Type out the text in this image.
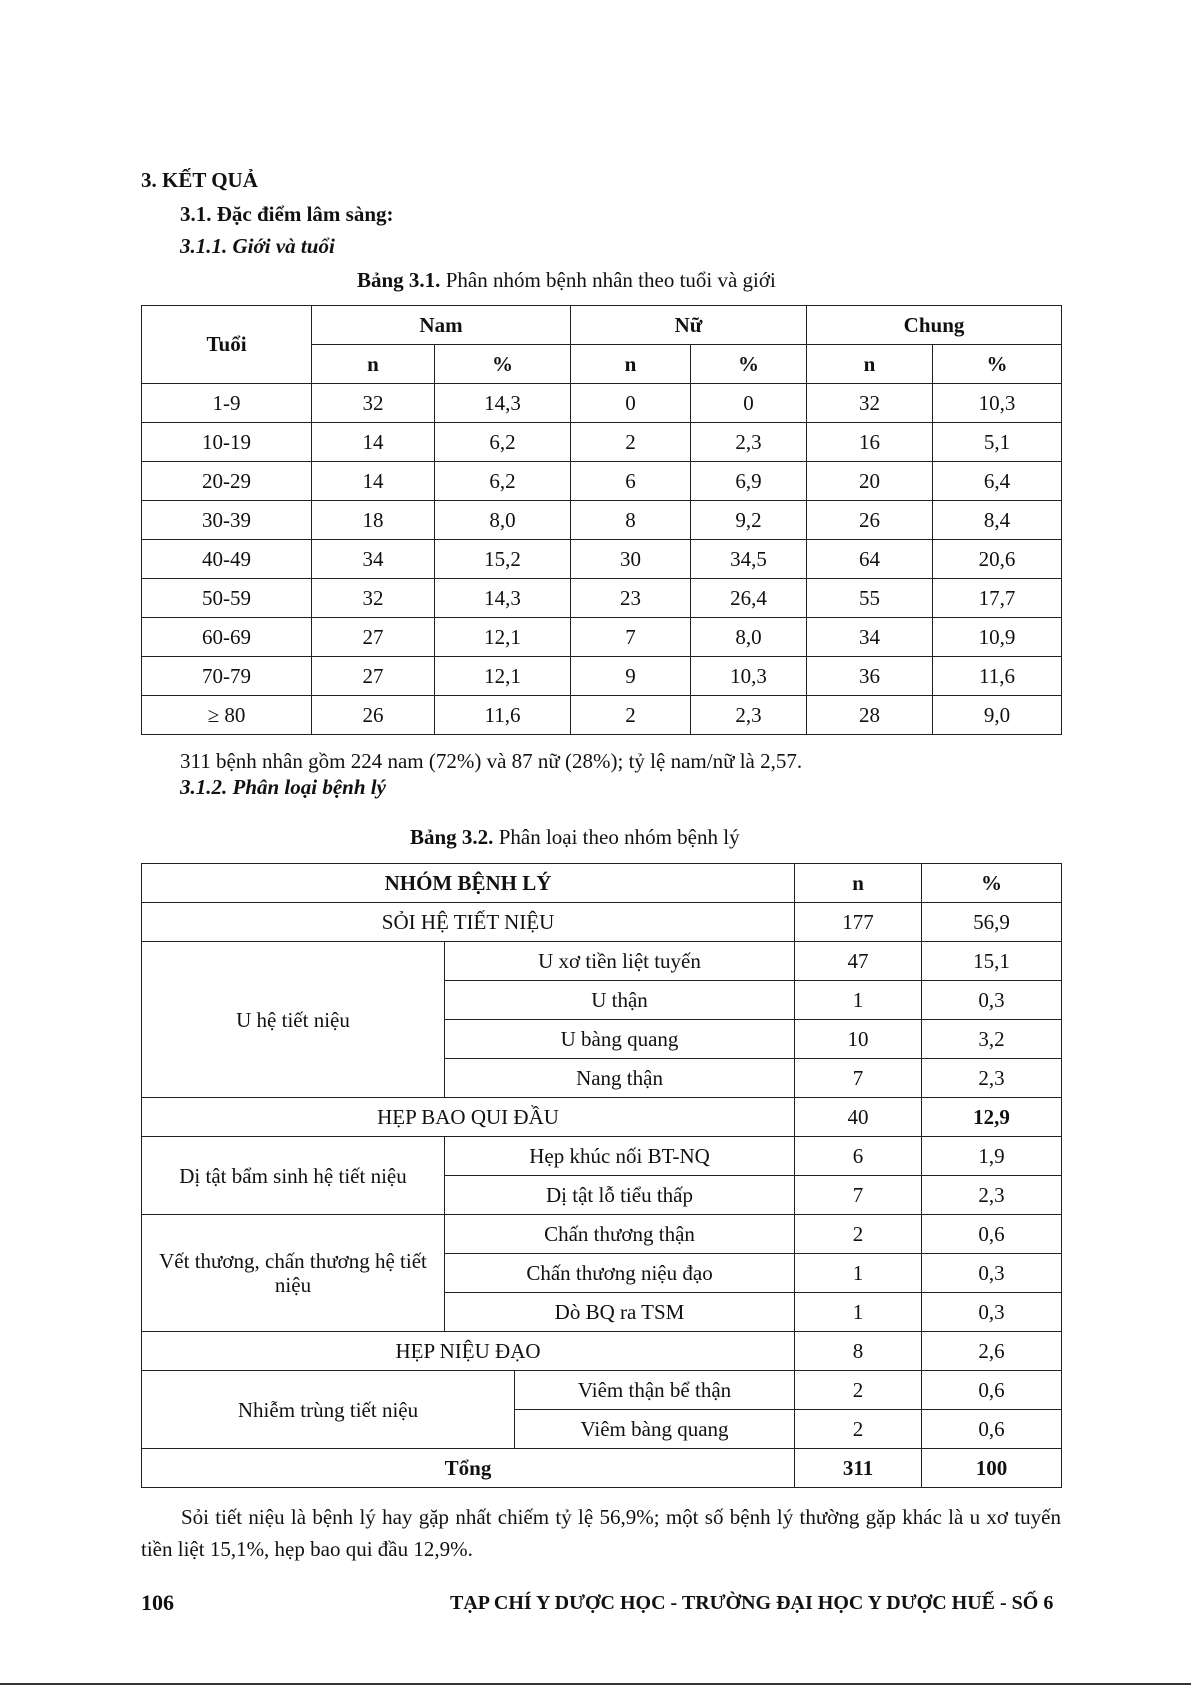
3. KẾT QUẢ
3.1. Đặc điểm lâm sàng:
3.1.1. Giới và tuổi
Bảng 3.1. Phân nhóm bệnh nhân theo tuổi và giới
Tuổi	Nam		Nữ		Chung	
	n	%	n	%	n	%
1-9	32	14,3	0	0	32	10,3
10-19	14	6,2	2	2,3	16	5,1
20-29	14	6,2	6	6,9	20	6,4
30-39	18	8,0	8	9,2	26	8,4
40-49	34	15,2	30	34,5	64	20,6
50-59	32	14,3	23	26,4	55	17,7
60-69	27	12,1	7	8,0	34	10,9
70-79	27	12,1	9	10,3	36	11,6
≥ 80	26	11,6	2	2,3	28	9,0
311 bệnh nhân gồm 224 nam (72%) và 87 nữ (28%); tỷ lệ nam/nữ là 2,57.
3.1.2. Phân loại bệnh lý
Bảng 3.2. Phân loại theo nhóm bệnh lý
NHÓM BỆNH LÝ			n	%
SỎI HỆ TIẾT NIỆU			177	56,9
U hệ tiết niệu	U xơ tiền liệt tuyến		47	15,1
	U thận		1	0,3
	U bàng quang		10	3,2
	Nang thận		7	2,3
HẸP BAO QUI ĐẦU			40	12,9
Dị tật bẩm sinh hệ tiết niệu	Hẹp khúc nối BT-NQ		6	1,9
	Dị tật lỗ tiểu thấp		7	2,3
Vết thương, chấn thương hệ tiết niệu	Chấn thương thận		2	0,6
	Chấn thương niệu đạo		1	0,3
	Dò BQ ra TSM		1	0,3
HẸP NIỆU ĐẠO			8	2,6
Nhiễm trùng tiết niệu		Viêm thận bể thận	2	0,6
		Viêm bàng quang	2	0,6
Tổng			311	100
Sỏi tiết niệu là bệnh lý hay gặp nhất chiếm tỷ lệ 56,9%; một số bệnh lý thường gặp khác là u xơ tuyến tiền liệt 15,1%, hẹp bao qui đầu 12,9%.
106	TẠP CHÍ Y DƯỢC HỌC - TRƯỜNG ĐẠI HỌC Y DƯỢC HUẾ - SỐ 6
